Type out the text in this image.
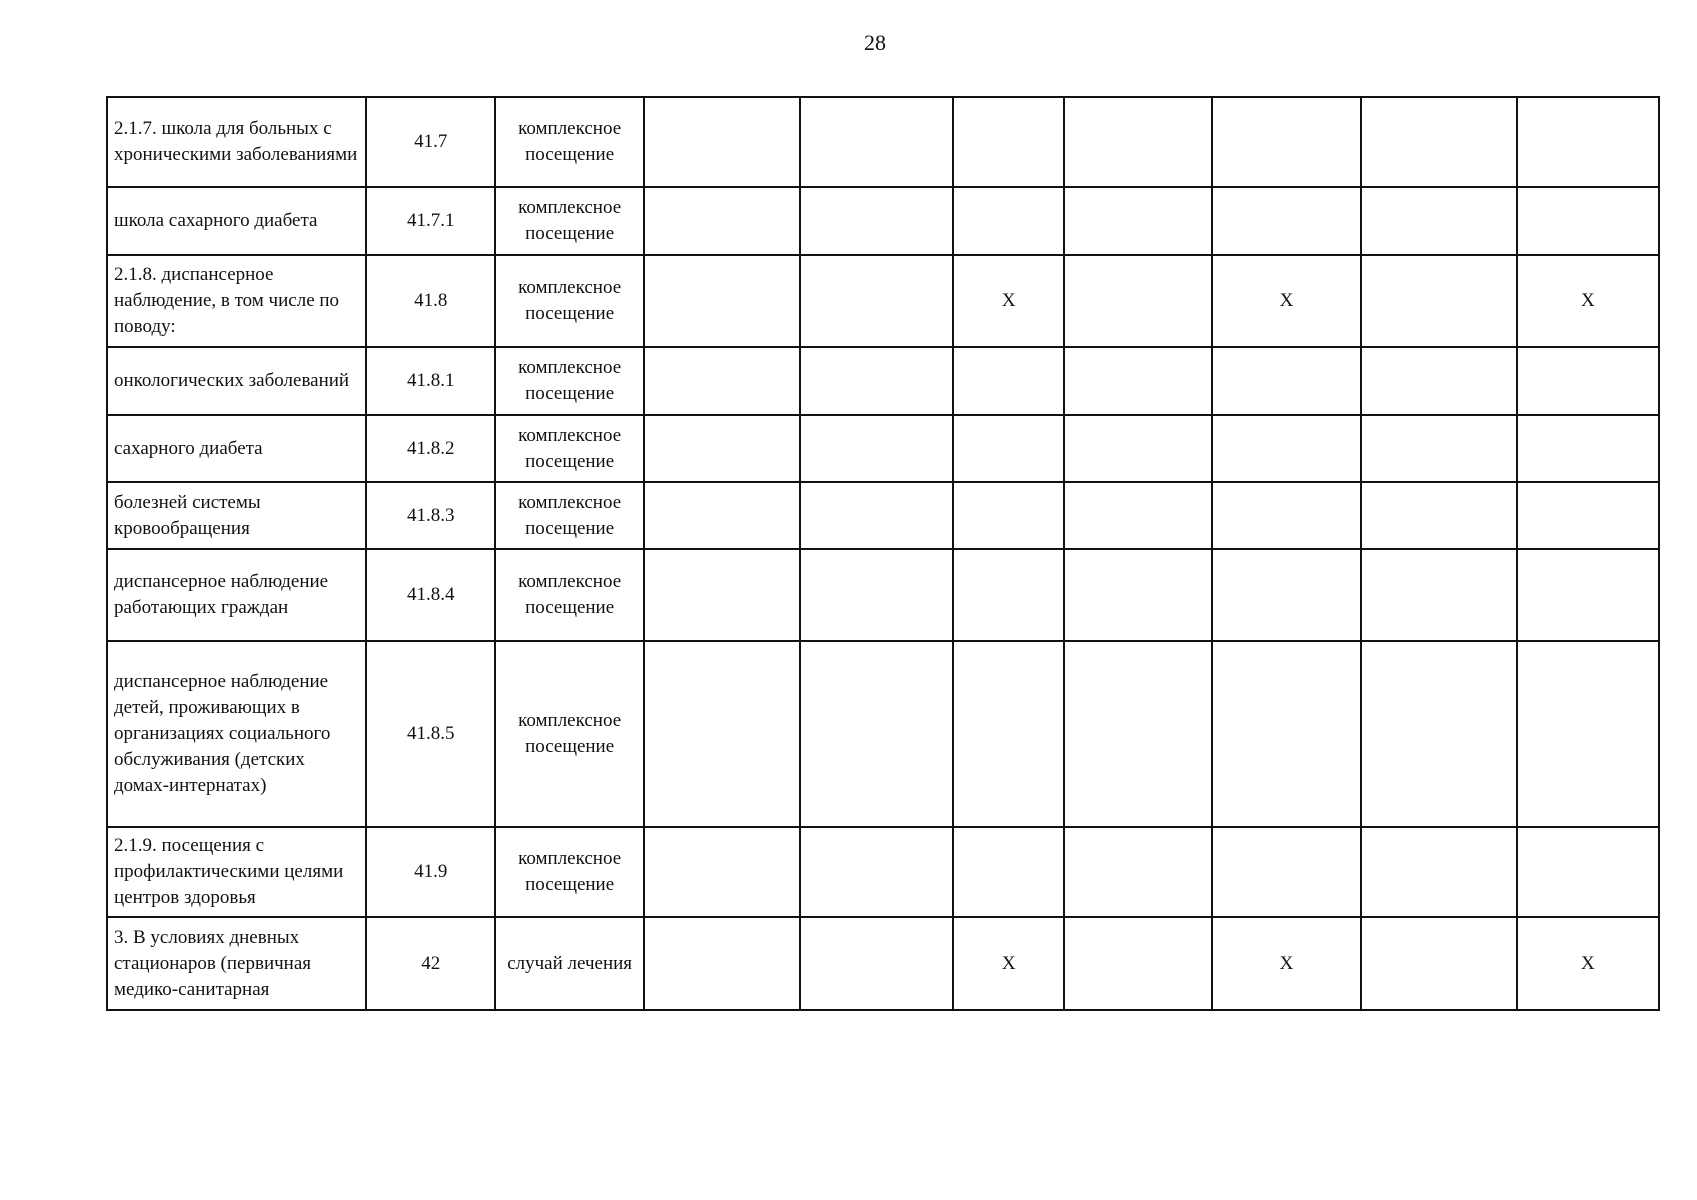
28
2.1.7. школа для больных с хроническими заболеваниями	41.7	комплексное посещение							
школа сахарного диабета	41.7.1	комплексное посещение							
2.1.8. диспансерное наблюдение, в том числе по поводу:	41.8	комплексное посещение			X		X		X
онкологических заболеваний	41.8.1	комплексное посещение							
сахарного диабета	41.8.2	комплексное посещение							
болезней системы кровообращения	41.8.3	комплексное посещение							
диспансерное наблюдение работающих граждан	41.8.4	комплексное посещение							
диспансерное наблюдение детей, проживающих в организациях социального обслуживания (детских домах-интернатах)	41.8.5	комплексное посещение							
2.1.9. посещения с профилактическими целями центров здоровья	41.9	комплексное посещение							
3. В условиях дневных стационаров (первичная медико-санитарная	42	случай лечения			X		X		X
